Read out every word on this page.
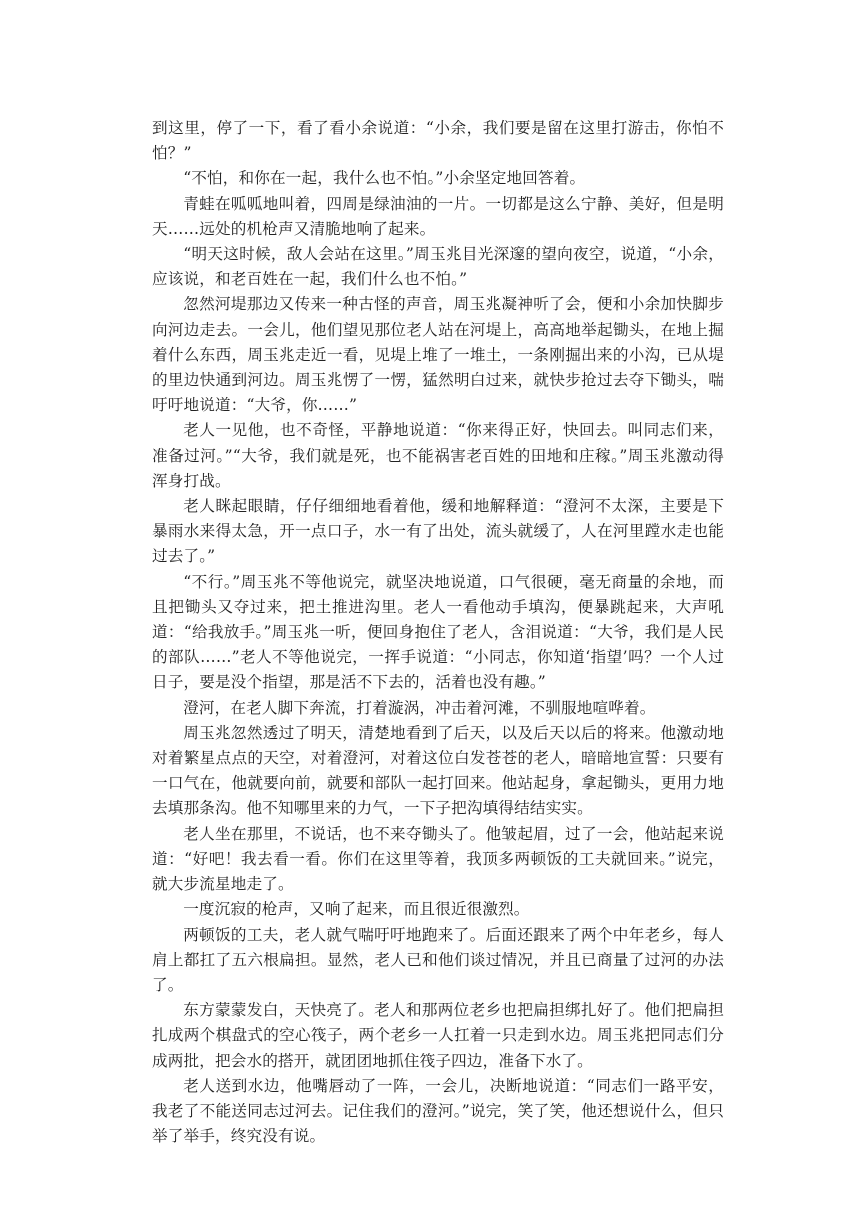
到这里，停了一下，看了看小余说道：“小余，我们要是留在这里打游击，你怕不怕？”

“不怕，和你在一起，我什么也不怕。”小余坚定地回答着。

青蛙在呱呱地叫着，四周是绿油油的一片。一切都是这么宁静、美好，但是明天……远处的机枪声又清脆地响了起来。

“明天这时候，敌人会站在这里。”周玉兆目光深邃的望向夜空，说道，“小余，应该说，和老百姓在一起，我们什么也不怕。”

忽然河堤那边又传来一种古怪的声音，周玉兆凝神听了会，便和小余加快脚步向河边走去。一会儿，他们望见那位老人站在河堤上，高高地举起锄头，在地上掘着什么东西，周玉兆走近一看，见堤上堆了一堆土，一条刚掘出来的小沟，已从堤的里边快通到河边。周玉兆愣了一愣，猛然明白过来，就快步抢过去夺下锄头，喘吁吁地说道：“大爷，你……”

老人一见他，也不奇怪，平静地说道：“你来得正好，快回去。叫同志们来，准备过河。”“大爷，我们就是死，也不能祸害老百姓的田地和庄稼。”周玉兆激动得浑身打战。

老人眯起眼睛，仔仔细细地看着他，缓和地解释道：“澄河不太深，主要是下暴雨水来得太急，开一点口子，水一有了出处，流头就缓了，人在河里蹚水走也能过去了。”

“不行。”周玉兆不等他说完，就坚决地说道，口气很硬，毫无商量的余地，而且把锄头又夺过来，把土推进沟里。老人一看他动手填沟，便暴跳起来，大声吼道：“给我放手。”周玉兆一听，便回身抱住了老人，含泪说道：“大爷，我们是人民的部队……”老人不等他说完，一挥手说道：“小同志，你知道‘指望’吗？一个人过日子，要是没个指望，那是活不下去的，活着也没有趣。”

澄河，在老人脚下奔流，打着漩涡，冲击着河滩，不驯服地喧哗着。

周玉兆忽然透过了明天，清楚地看到了后天，以及后天以后的将来。他激动地对着繁星点点的天空，对着澄河，对着这位白发苍苍的老人，暗暗地宣誓：只要有一口气在，他就要向前，就要和部队一起打回来。他站起身，拿起锄头，更用力地去填那条沟。他不知哪里来的力气，一下子把沟填得结结实实。

老人坐在那里，不说话，也不来夺锄头了。他皱起眉，过了一会，他站起来说道：“好吧！我去看一看。你们在这里等着，我顶多两顿饭的工夫就回来。”说完，就大步流星地走了。

一度沉寂的枪声，又响了起来，而且很近很激烈。

两顿饭的工夫，老人就气喘吁吁地跑来了。后面还跟来了两个中年老乡，每人肩上都扛了五六根扁担。显然，老人已和他们谈过情况，并且已商量了过河的办法了。

东方蒙蒙发白，天快亮了。老人和那两位老乡也把扁担绑扎好了。他们把扁担扎成两个棋盘式的空心筏子，两个老乡一人扛着一只走到水边。周玉兆把同志们分成两批，把会水的搭开，就团团地抓住筏子四边，准备下水了。

老人送到水边，他嘴唇动了一阵，一会儿，决断地说道：“同志们一路平安，我老了不能送同志过河去。记住我们的澄河。”说完，笑了笑，他还想说什么，但只举了举手，终究没有说。
